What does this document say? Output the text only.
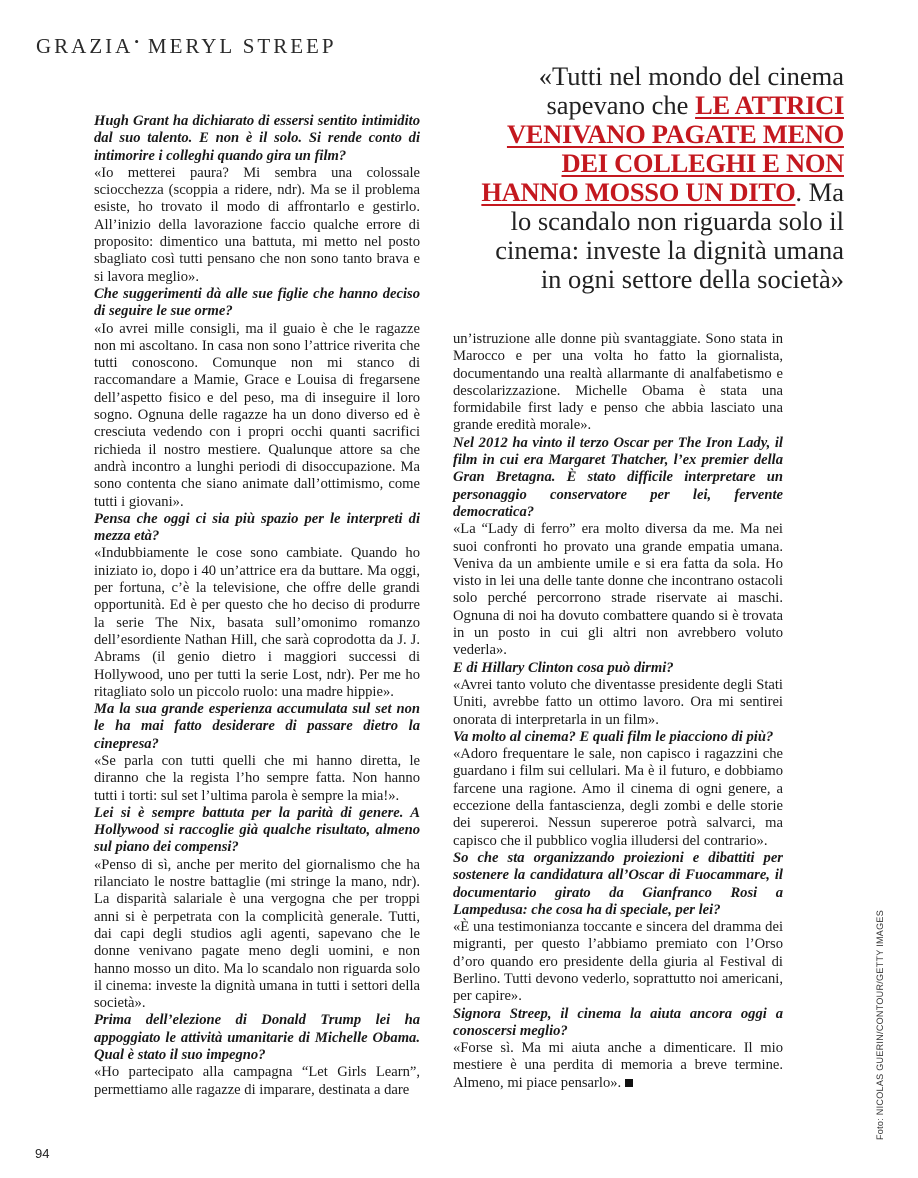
GRAZIA• MERYL STREEP
«Tutti nel mondo del cinema sapevano che LE ATTRICI VENIVANO PAGATE MENO DEI COLLEGHI E NON HANNO MOSSO UN DITO. Ma lo scandalo non riguarda solo il cinema: investe la dignità umana in ogni settore della società»

Hugh Grant ha dichiarato di essersi sentito intimidito dal suo talento. E non è il solo. Si rende conto di intimorire i colleghi quando gira un film?

«Io metterei paura? Mi sembra una colossale sciocchezza (scoppia a ridere, ndr). Ma se il problema esiste, ho trovato il modo di affrontarlo e gestirlo. All’inizio della lavorazione faccio qualche errore di proposito: dimentico una battuta, mi metto nel posto sbagliato così tutti pensano che non sono tanto brava e si lavora meglio».

Che suggerimenti dà alle sue figlie che hanno deciso di seguire le sue orme?

«Io avrei mille consigli, ma il guaio è che le ragazze non mi ascoltano. In casa non sono l’attrice riverita che tutti conoscono. Comunque non mi stanco di raccomandare a Mamie, Grace e Louisa di fregarsene dell’aspetto fisico e del peso, ma di inseguire il loro sogno. Ognuna delle ragazze ha un dono diverso ed è cresciuta vedendo con i propri occhi quanti sacrifici richieda il nostro mestiere. Qualunque attore sa che andrà incontro a lunghi periodi di disoccupazione. Ma sono contenta che siano animate dall’ottimismo, come tutti i giovani».

Pensa che oggi ci sia più spazio per le interpreti di mezza età?

«Indubbiamente le cose sono cambiate. Quando ho iniziato io, dopo i 40 un’attrice era da buttare. Ma oggi, per fortuna, c’è la televisione, che offre delle grandi opportunità. Ed è per questo che ho deciso di produrre la serie The Nix, basata sull’omonimo romanzo dell’esordiente Nathan Hill, che sarà coprodotta da J. J. Abrams (il genio dietro i maggiori successi di Hollywood, uno per tutti la serie Lost, ndr). Per me ho ritagliato solo un piccolo ruolo: una madre hippie».

Ma la sua grande esperienza accumulata sul set non le ha mai fatto desiderare di passare dietro la cinepresa?

«Se parla con tutti quelli che mi hanno diretta, le diranno che la regista l’ho sempre fatta. Non hanno tutti i torti: sul set l’ultima parola è sempre la mia!».

Lei si è sempre battuta per la parità di genere. A Hollywood si raccoglie già qualche risultato, almeno sul piano dei compensi?

«Penso di sì, anche per merito del giornalismo che ha rilanciato le nostre battaglie (mi stringe la mano, ndr). La disparità salariale è una vergogna che per troppi anni si è perpetrata con la complicità generale. Tutti, dai capi degli studios agli agenti, sapevano che le donne venivano pagate meno degli uomini, e non hanno mosso un dito. Ma lo scandalo non riguarda solo il cinema: investe la dignità umana in tutti i settori della società».

Prima dell’elezione di Donald Trump lei ha appoggiato le attività umanitarie di Michelle Obama. Qual è stato il suo impegno?

«Ho partecipato alla campagna “Let Girls Learn”, permettiamo alle ragazze di imparare, destinata a dare

un’istruzione alle donne più svantaggiate. Sono stata in Marocco e per una volta ho fatto la giornalista, documentando una realtà allarmante di analfabetismo e descolarizzazione. Michelle Obama è stata una formidabile first lady e penso che abbia lasciato una grande eredità morale».

Nel 2012 ha vinto il terzo Oscar per The Iron Lady, il film in cui era Margaret Thatcher, l’ex premier della Gran Bretagna. È stato difficile interpretare un personaggio conservatore per lei, fervente democratica?

«La “Lady di ferro” era molto diversa da me. Ma nei suoi confronti ho provato una grande empatia umana. Veniva da un ambiente umile e si era fatta da sola. Ho visto in lei una delle tante donne che incontrano ostacoli solo perché percorrono strade riservate ai maschi. Ognuna di noi ha dovuto combattere quando si è trovata in un posto in cui gli altri non avrebbero voluto vederla».

E di Hillary Clinton cosa può dirmi?

«Avrei tanto voluto che diventasse presidente degli Stati Uniti, avrebbe fatto un ottimo lavoro. Ora mi sentirei onorata di interpretarla in un film».

Va molto al cinema? E quali film le piacciono di più?

«Adoro frequentare le sale, non capisco i ragazzini che guardano i film sui cellulari. Ma è il futuro, e dobbiamo farcene una ragione. Amo il cinema di ogni genere, a eccezione della fantascienza, degli zombi e delle storie dei supereroi. Nessun supereroe potrà salvarci, ma capisco che il pubblico voglia illudersi del contrario».

So che sta organizzando proiezioni e dibattiti per sostenere la candidatura all’Oscar di Fuocammare, il documentario girato da Gianfranco Rosi a Lampedusa: che cosa ha di speciale, per lei?

«È una testimonianza toccante e sincera del dramma dei migranti, per questo l’abbiamo premiato con l’Orso d’oro quando ero presidente della giuria al Festival di Berlino. Tutti devono vederlo, soprattutto noi americani, per capire».

Signora Streep, il cinema la aiuta ancora oggi a conoscersi meglio?

«Forse sì. Ma mi aiuta anche a dimenticare. Il mio mestiere è una perdita di memoria a breve termine. Almeno, mi piace pensarlo».	Foto: NICOLAS GUERIN/CONTOUR/GETTY IMAGES
94
